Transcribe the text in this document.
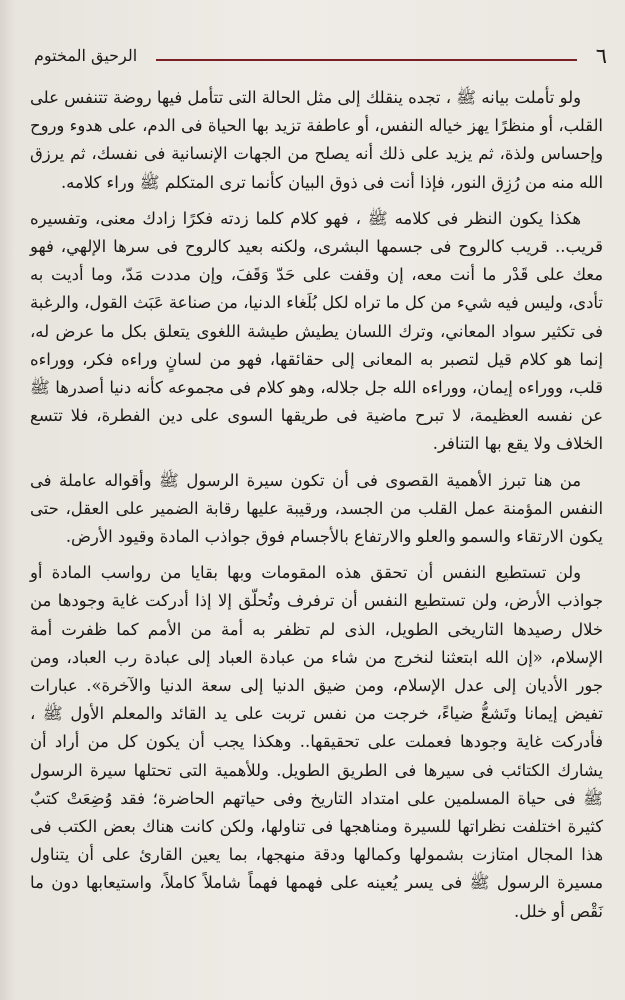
٦
الرحيق المختوم

ولو تأملت بيانه ﷺ ، تجده ينقلك إلى مثل الحالة التى تتأمل فيها روضة تتنفس على القلب، أو منظرًا يهز خياله النفس، أو عاطفة تزيد بها الحياة فى الدم، على هدوء وروح وإحساس ولذة، ثم يزيد على ذلك أنه يصلح من الجهات الإنسانية فى نفسك، ثم يرزق الله منه من رُزِق النور، فإذا أنت فى ذوق البيان كأنما ترى المتكلم ﷺ وراء كلامه.

هكذا يكون النظر فى كلامه ﷺ ، فهو كلام كلما زدته فكرًا زادك معنى، وتفسيره قريب.. قريب كالروح فى جسمها البشرى، ولكنه بعيد كالروح فى سرها الإلهي، فهو معك على قَدْر ما أنت معه، إن وقفت على حَدّ وَقَفَ، وإن مددت مَدّ، وما أديت به تأدى، وليس فيه شيء من كل ما تراه لكل بُلَغاء الدنيا، من صناعة عَبَث القول، والرغبة فى تكثير سواد المعاني، وترك اللسان يطيش طيشة اللغوى يتعلق بكل ما عرض له، إنما هو كلام قيل لتصبر به المعانى إلى حقائقها، فهو من لسانٍ وراءه فكر، ووراءه قلب، ووراءه إيمان، ووراءه الله جل جلاله، وهو كلام فى مجموعه كأنه دنيا أصدرها ﷺ عن نفسه العظيمة، لا تبرح ماضية فى طريقها السوى على دين الفطرة، فلا تتسع الخلاف ولا يقع بها التنافر.

من هنا تبرز الأهمية القصوى فى أن تكون سيرة الرسول ﷺ وأقواله عاملة فى النفس المؤمنة عمل القلب من الجسد، ورقيبة عليها رقابة الضمير على العقل، حتى يكون الارتقاء والسمو والعلو والارتفاع بالأجسام فوق جواذب المادة وقيود الأرض.

ولن تستطيع النفس أن تحقق هذه المقومات وبها بقايا من رواسب المادة أو جواذب الأرض، ولن تستطيع النفس أن ترفرف وتُحلّق إلا إذا أدركت غاية وجودها من خلال رصيدها التاريخى الطويل، الذى لم تظفر به أمة من الأمم كما ظفرت أمة الإسلام، «إن الله ابتعثنا لنخرج من شاء من عبادة العباد إلى عبادة رب العباد، ومن جور الأديان إلى عدل الإسلام، ومن ضيق الدنيا إلى سعة الدنيا والآخرة». عبارات تفيض إيمانا وتَشعُّ ضياءً، خرجت من نفس تربت على يد القائد والمعلم الأول ﷺ ، فأدركت غاية وجودها فعملت على تحقيقها.. وهكذا يجب أن يكون كل من أراد أن يشارك الكتائب فى سيرها فى الطريق الطويل. وللأهمية التى تحتلها سيرة الرسول ﷺ فى حياة المسلمين على امتداد التاريخ وفى حياتهم الحاضرة؛ فقد وُضِعَتْ كتبٌ كثيرة اختلفت نظراتها للسيرة ومناهجها فى تناولها، ولكن كانت هناك بعض الكتب فى هذا المجال امتازت بشمولها وكمالها ودقة منهجها، بما يعين القارئ على أن يتناول مسيرة الرسول ﷺ فى يسر يُعينه على فهمها فهماً شاملاً كاملاً، واستيعابها دون ما نَقْص أو خلل.
